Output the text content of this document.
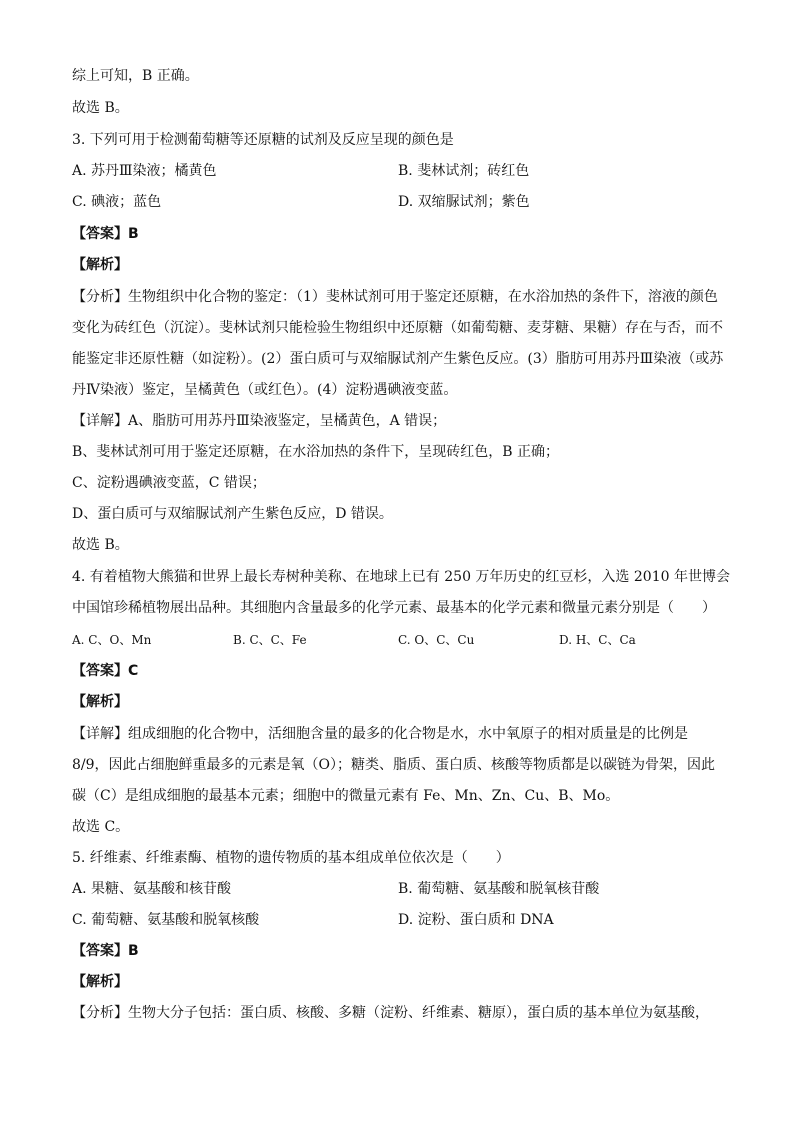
综上可知，B 正确。
故选 B。
3. 下列可用于检测葡萄糖等还原糖的试剂及反应呈现的颜色是
A. 苏丹Ⅲ染液；橘黄色	B. 斐林试剂；砖红色
C. 碘液；蓝色	D. 双缩脲试剂；紫色
【答案】B
【解析】
【分析】生物组织中化合物的鉴定：（1）斐林试剂可用于鉴定还原糖，在水浴加热的条件下，溶液的颜色
变化为砖红色（沉淀）。斐林试剂只能检验生物组织中还原糖（如葡萄糖、麦芽糖、果糖）存在与否，而不
能鉴定非还原性糖（如淀粉）。(2）蛋白质可与双缩脲试剂产生紫色反应。(3）脂肪可用苏丹Ⅲ染液（或苏
丹Ⅳ染液）鉴定，呈橘黄色（或红色）。(4）淀粉遇碘液变蓝。
【详解】A、脂肪可用苏丹Ⅲ染液鉴定，呈橘黄色，A 错误；
B、斐林试剂可用于鉴定还原糖，在水浴加热的条件下，呈现砖红色，B 正确；
C、淀粉遇碘液变蓝，C 错误；
D、蛋白质可与双缩脲试剂产生紫色反应，D 错误。
故选 B。
4. 有着植物大熊猫和世界上最长寿树种美称、在地球上已有 250 万年历史的红豆杉，入选 2010 年世博会
中国馆珍稀植物展出品种。其细胞内含量最多的化学元素、最基本的化学元素和微量元素分别是（　　）
A. C、O、Mn	B. C、C、Fe	C. O、C、Cu	D. H、C、Ca
【答案】C
【解析】
【详解】组成细胞的化合物中，活细胞含量的最多的化合物是水，水中氧原子的相对质量是的比例是
8/9，因此占细胞鲜重最多的元素是氧（O）；糖类、脂质、蛋白质、核酸等物质都是以碳链为骨架，因此
碳（C）是组成细胞的最基本元素；细胞中的微量元素有 Fe、Mn、Zn、Cu、B、Mo。
故选 C。
5. 纤维素、纤维素酶、植物的遗传物质的基本组成单位依次是（　　）
A. 果糖、氨基酸和核苷酸	B. 葡萄糖、氨基酸和脱氧核苷酸
C. 葡萄糖、氨基酸和脱氧核酸	D. 淀粉、蛋白质和 DNA
【答案】B
【解析】
【分析】生物大分子包括：蛋白质、核酸、多糖（淀粉、纤维素、糖原），蛋白质的基本单位为氨基酸，
